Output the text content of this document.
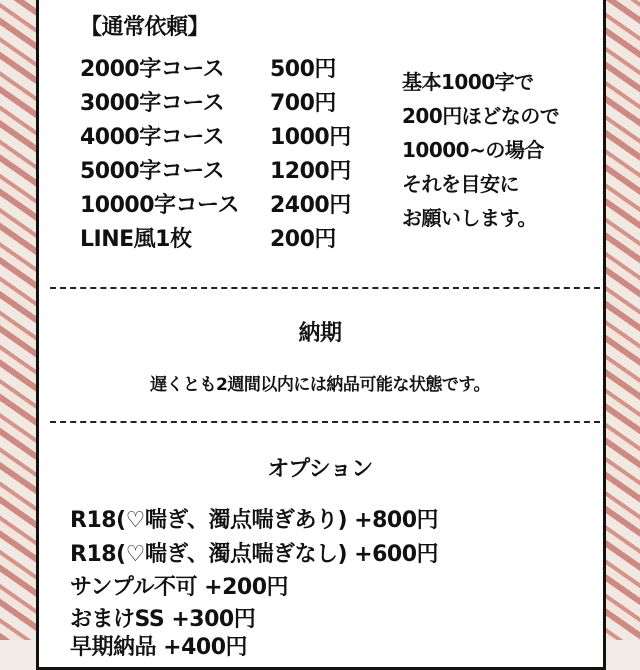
【通常依頼】
2000字コース 500円
3000字コース 700円
4000字コース 1000円
5000字コース 1200円
10000字コース 2400円
LINE風1枚	200円
基本1000字で
200円ほどなので
10000~の場合
それを目安に
お願いします。
納期
遅くとも2週間以内には納品可能な状態です。
オプション
R18(♡喘ぎ、濁点喘ぎあり) +800円
R18(♡喘ぎ、濁点喘ぎなし) +600円
サンプル不可 +200円
おまけSS +300円
早期納品 +400円
